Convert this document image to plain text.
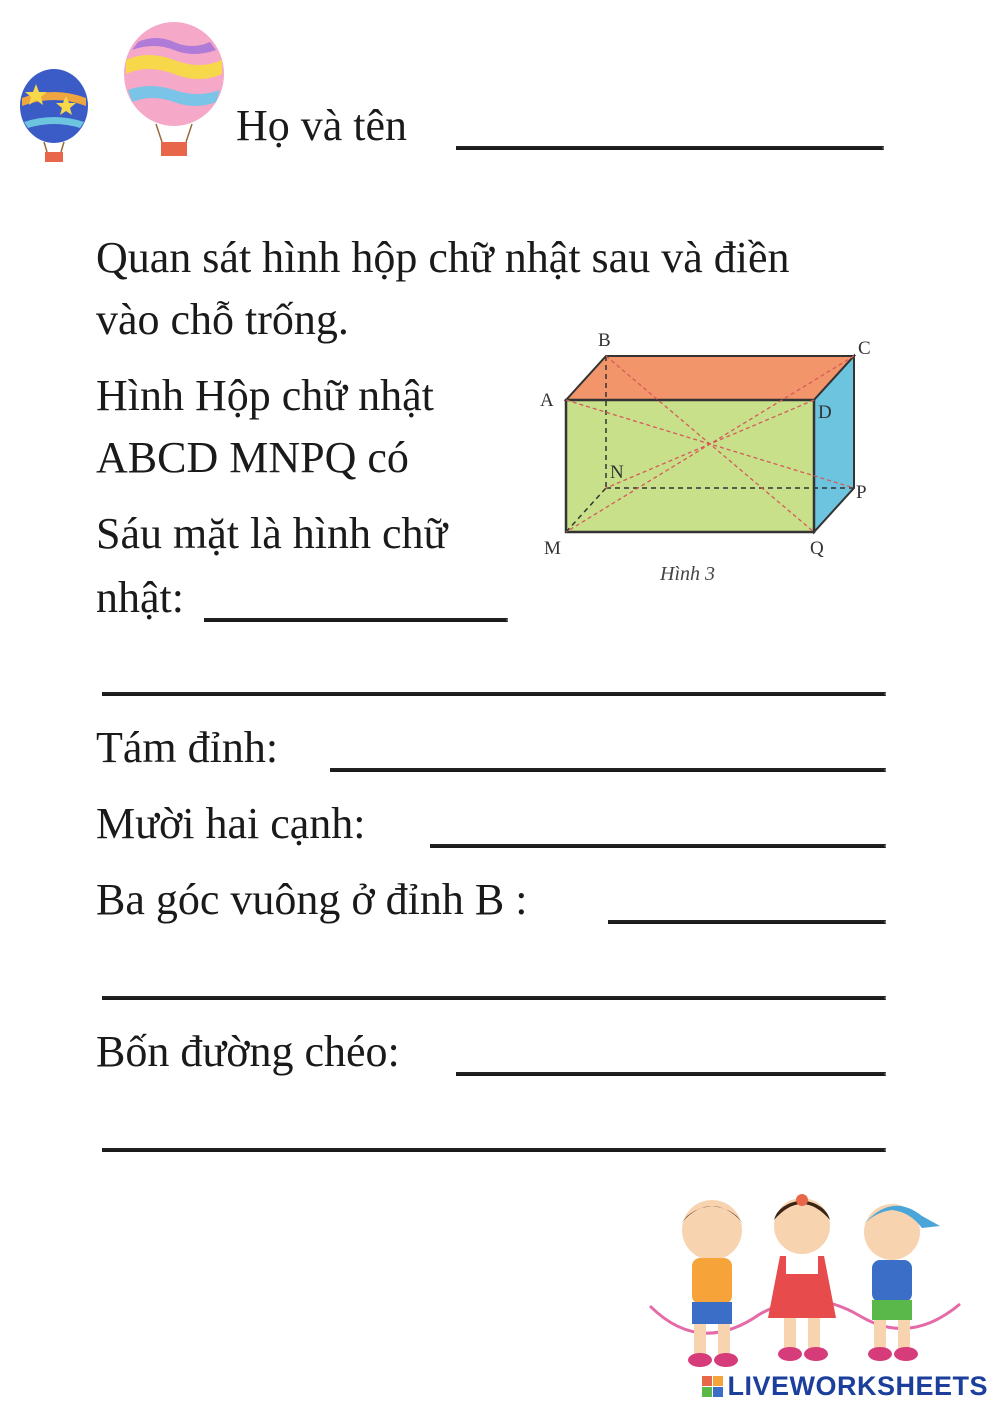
Họ và tên
Quan sát hình hộp chữ nhật sau và điền
vào chỗ trống.
Hình Hộp chữ nhật
ABCD MNPQ có
Sáu mặt là hình chữ
nhật:
Tám đỉnh:
Mười hai cạnh:
Ba góc vuông ở đỉnh B :
Bốn đường chéo:
B	C
A
D
N
P
M	Q
Hình 3
LIVEWORKSHEETS
